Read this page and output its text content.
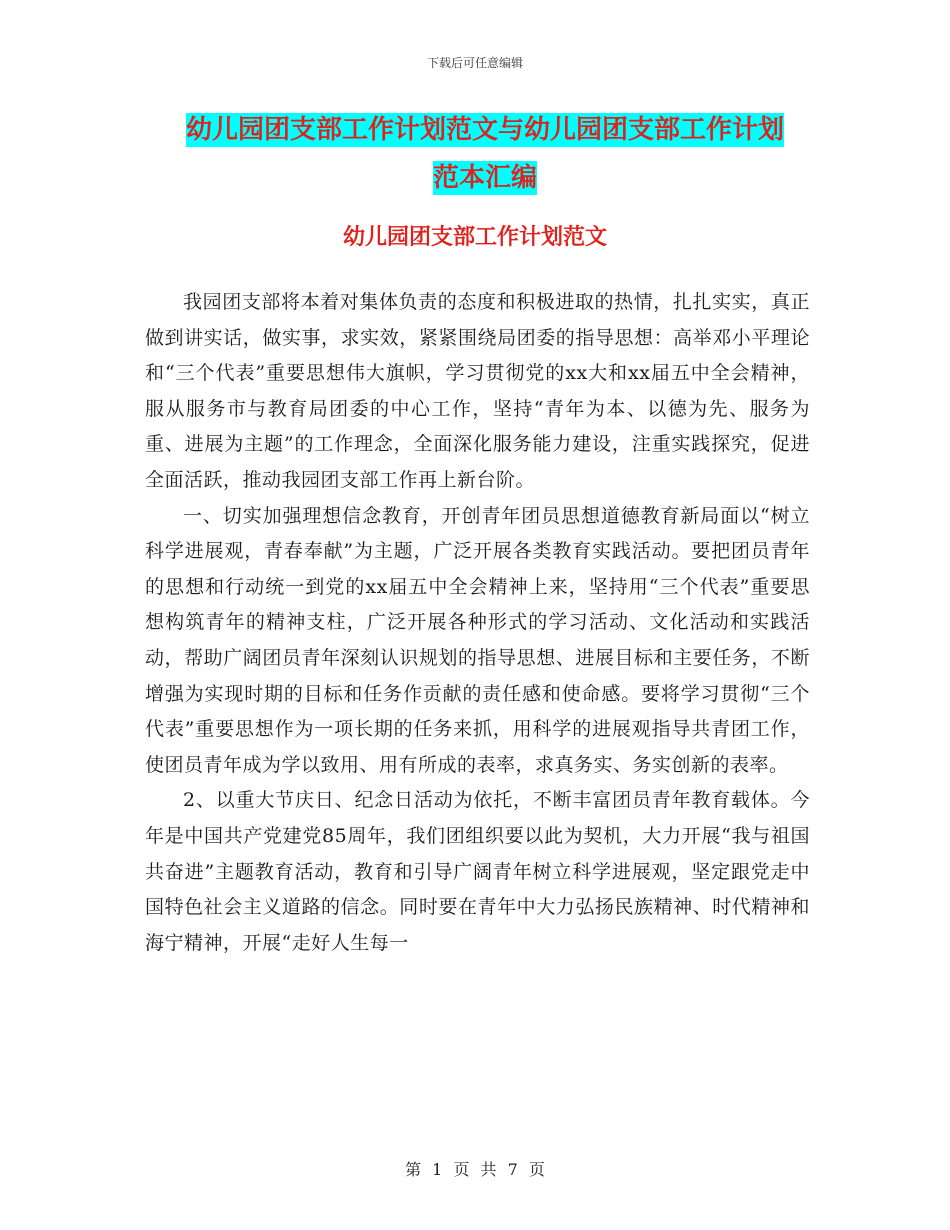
下载后可任意编辑
幼儿园团支部工作计划范文与幼儿园团支部工作计划
范本汇编
幼儿园团支部工作计划范文

我园团支部将本着对集体负责的态度和积极进取的热情，扎扎实实，真正做到讲实话，做实事，求实效，紧紧围绕局团委的指导思想：高举邓小平理论和“三个代表”重要思想伟大旗帜，学习贯彻党的xx大和xx届五中全会精神，服从服务市与教育局团委的中心工作，坚持“青年为本、以德为先、服务为重、进展为主题”的工作理念，全面深化服务能力建设，注重实践探究，促进全面活跃，推动我园团支部工作再上新台阶。

一、切实加强理想信念教育，开创青年团员思想道德教育新局面以“树立科学进展观，青春奉献”为主题，广泛开展各类教育实践活动。要把团员青年的思想和行动统一到党的xx届五中全会精神上来，坚持用“三个代表”重要思想构筑青年的精神支柱，广泛开展各种形式的学习活动、文化活动和实践活动，帮助广阔团员青年深刻认识规划的指导思想、进展目标和主要任务，不断增强为实现时期的目标和任务作贡献的责任感和使命感。要将学习贯彻“三个代表”重要思想作为一项长期的任务来抓，用科学的进展观指导共青团工作，使团员青年成为学以致用、用有所成的表率，求真务实、务实创新的表率。

2、以重大节庆日、纪念日活动为依托，不断丰富团员青年教育载体。今年是中国共产党建党85周年，我们团组织要以此为契机，大力开展“我与祖国共奋进”主题教育活动，教育和引导广阔青年树立科学进展观，坚定跟党走中国特色社会主义道路的信念。同时要在青年中大力弘扬民族精神、时代精神和海宁精神，开展“走好人生每一

第 1 页 共 7 页
